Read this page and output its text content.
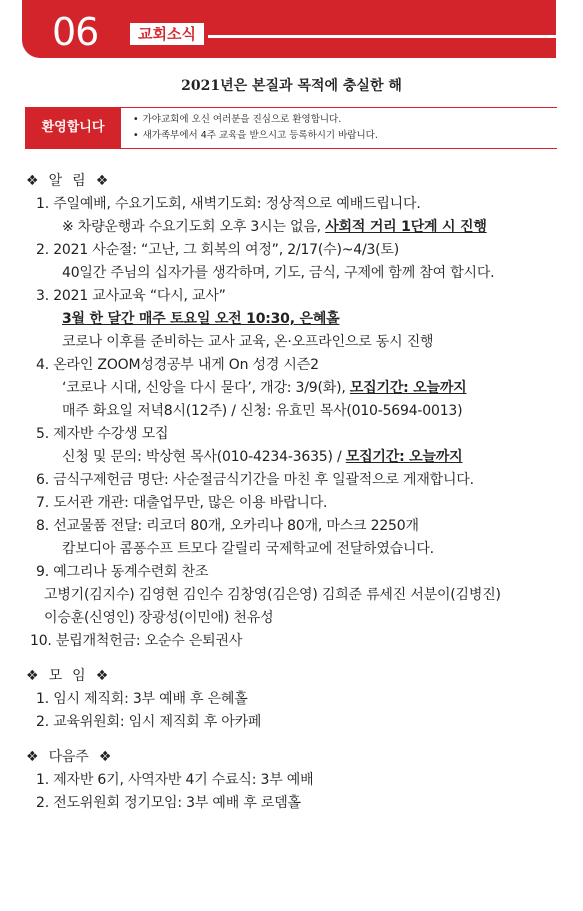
06	교회소식
2021년은 본질과 목적에 충실한 해
환영합니다
• 가야교회에 오신 여러분을 진심으로 환영합니다.
• 새가족부에서 4주 교육을 받으시고 등록하시기 바랍니다.
❖ 알 림 ❖
1. 주일예배, 수요기도회, 새벽기도회: 정상적으로 예배드립니다.
※ 차량운행과 수요기도회 오후 3시는 없음, 사회적 거리 1단계 시 진행
2. 2021 사순절: “고난, 그 회복의 여정”, 2/17(수)~4/3(토)
40일간 주님의 십자가를 생각하며, 기도, 금식, 구제에 함께 참여 합시다.
3. 2021 교사교육 “다시, 교사”
3월 한 달간 매주 토요일 오전 10:30, 은혜홀
코로나 이후를 준비하는 교사 교육, 온·오프라인으로 동시 진행
4. 온라인 ZOOM성경공부 내게 On 성경 시즌2
‘코로나 시대, 신앙을 다시 묻다’, 개강: 3/9(화), 모집기간: 오늘까지
매주 화요일 저녁8시(12주) / 신청: 유효민 목사(010-5694-0013)
5. 제자반 수강생 모집
신청 및 문의: 박상현 목사(010-4234-3635) / 모집기간: 오늘까지
6. 금식구제헌금 명단: 사순절금식기간을 마친 후 일괄적으로 게재합니다.
7. 도서관 개관: 대출업무만, 많은 이용 바랍니다.
8. 선교물품 전달: 리코더 80개, 오카리나 80개, 마스크 2250개
캄보디아 콤퐁수프 트모다 갈릴리 국제학교에 전달하였습니다.
9. 예그리나 동계수련회 찬조
고병기(김지수) 김영현 김인수 김창영(김은영) 김희준 류세진 서분이(김병진)
이승훈(신영인) 장광성(이민애) 천유성
10. 분립개척헌금: 오순수 은퇴권사
❖ 모 임 ❖
1. 임시 제직회: 3부 예배 후 은혜홀
2. 교육위원회: 임시 제직회 후 아카페
❖ 다음주 ❖
1. 제자반 6기, 사역자반 4기 수료식: 3부 예배
2. 전도위원회 정기모임: 3부 예배 후 로뎀홀
